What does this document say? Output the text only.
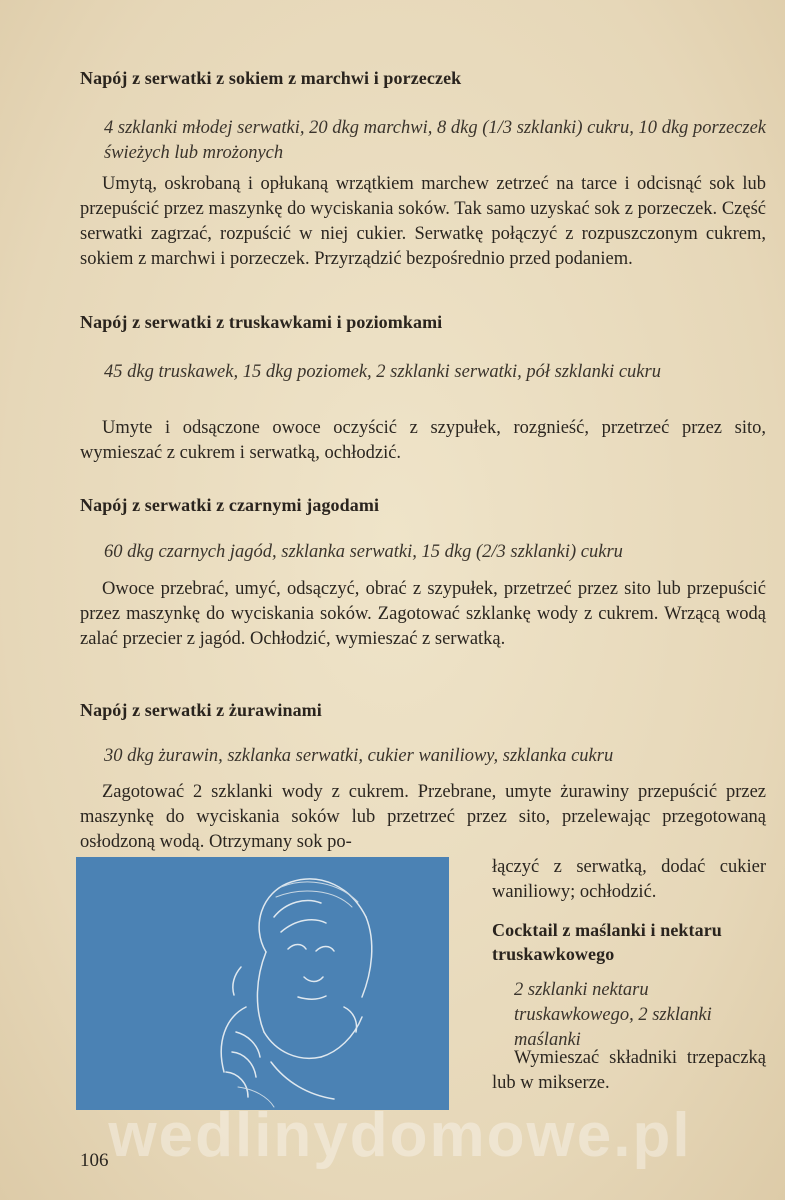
Napój z serwatki z sokiem z marchwi i porzeczek

4 szklanki młodej serwatki, 20 dkg marchwi, 8 dkg (1/3 szklanki) cukru, 10 dkg porzeczek świeżych lub mrożonych

Umytą, oskrobaną i opłukaną wrzątkiem marchew zetrzeć na tarce i odcisnąć sok lub przepuścić przez maszynkę do wyciskania soków. Tak samo uzyskać sok z porzeczek. Część serwatki zagrzać, rozpuścić w niej cukier. Serwatkę połączyć z rozpuszczonym cukrem, sokiem z marchwi i porzeczek. Przyrządzić bezpośrednio przed podaniem.

Napój z serwatki z truskawkami i poziomkami

45 dkg truskawek, 15 dkg poziomek, 2 szklanki serwatki, pół szklanki cukru

Umyte i odsączone owoce oczyścić z szypułek, rozgnieść, przetrzeć przez sito, wymieszać z cukrem i serwatką, ochłodzić.

Napój z serwatki z czarnymi jagodami

60 dkg czarnych jagód, szklanka serwatki, 15 dkg (2/3 szklanki) cukru

Owoce przebrać, umyć, odsączyć, obrać z szypułek, przetrzeć przez sito lub przepuścić przez maszynkę do wyciskania soków. Zagotować szklankę wody z cukrem. Wrzącą wodą zalać przecier z jagód. Ochłodzić, wymieszać z serwatką.

Napój z serwatki z żurawinami

30 dkg żurawin, szklanka serwatki, cukier waniliowy, szklanka cukru

Zagotować 2 szklanki wody z cukrem. Przebrane, umyte żurawiny przepuścić przez maszynkę do wyciskania soków lub przetrzeć przez sito, przelewając przegotowaną osłodzoną wodą. Otrzymany sok po-

łączyć z serwatką, dodać cukier waniliowy; ochłodzić.

Cocktail z maślanki i nektaru truskawkowego

2 szklanki nektaru truskawkowego, 2 szklanki maślanki

Wymieszać składniki trzepaczką lub w mikserze.

wedlinydomowe.pl
106
